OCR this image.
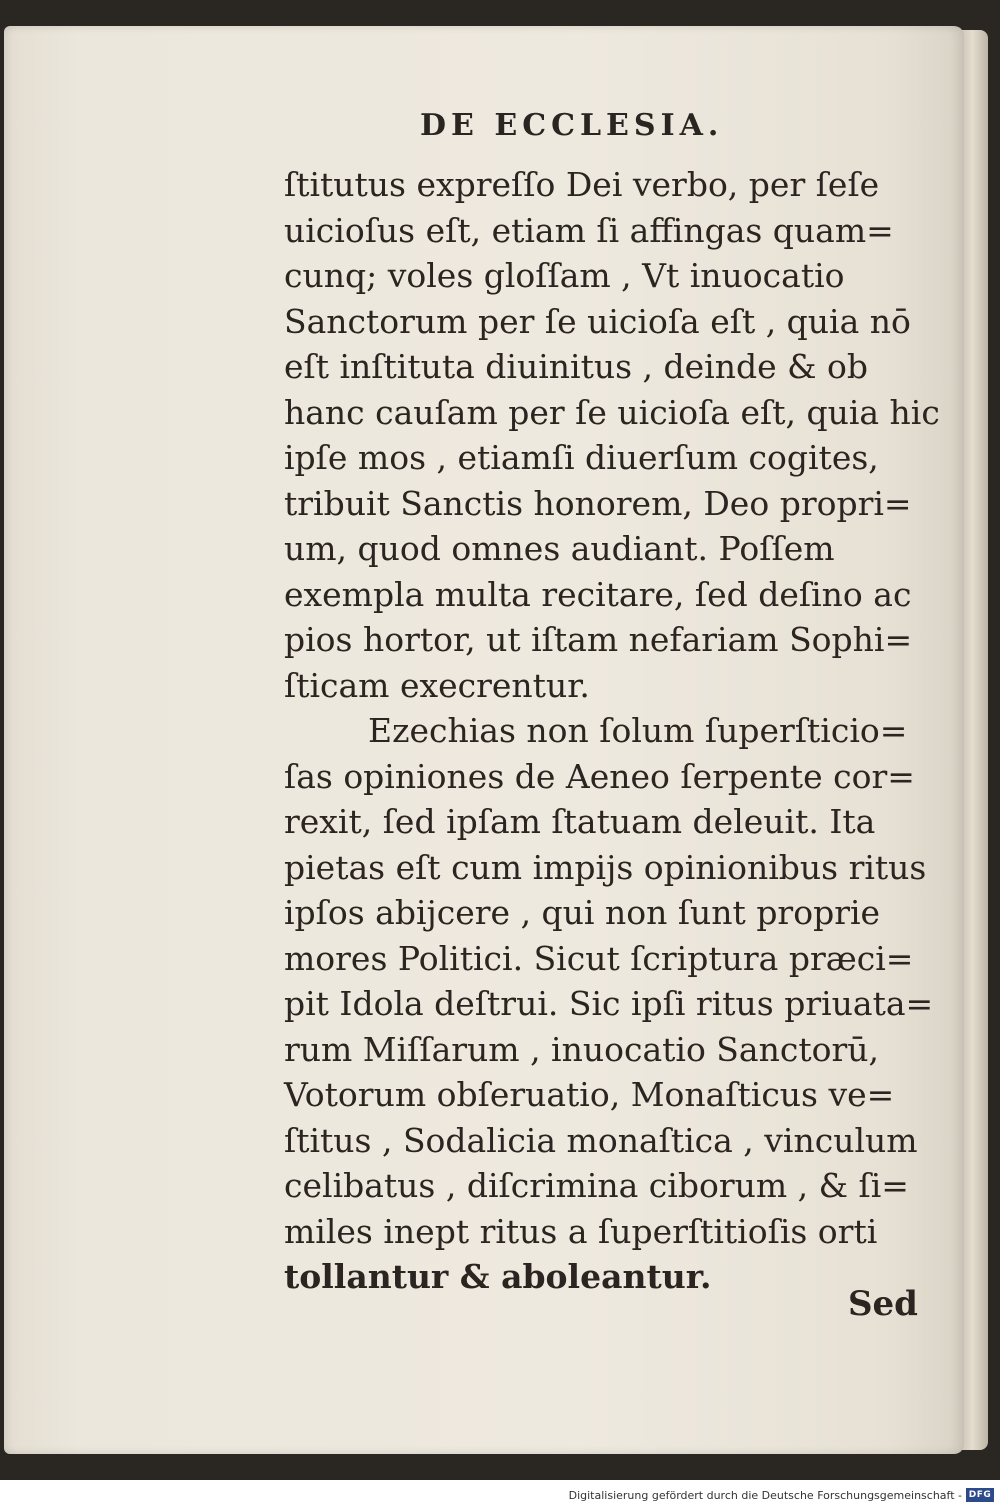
DE ECCLESIA.
ſtitutus expreſſo Dei verbo, per ſeſe
uicioſus eſt, etiam ſi affingas quam=
cunq; voles gloſſam , Vt inuocatio
Sanctorum per ſe uicioſa eſt , quia nō
eſt inſtituta diuinitus , deinde & ob
hanc cauſam per ſe uicioſa eſt, quia hic
ipſe mos , etiamſi diuerſum cogites,
tribuit Sanctis honorem, Deo propri=
um, quod omnes audiant. Poſſem
exempla multa recitare, ſed deſino ac
pios hortor, ut iſtam nefariam Sophi=
ſticam execrentur.
Ezechias non ſolum ſuperſticio=
ſas opiniones de Aeneo ſerpente cor=
rexit, ſed ipſam ſtatuam deleuit. Ita
pietas eſt cum impijs opinionibus ritus
ipſos abijcere , qui non ſunt proprie
mores Politici. Sicut ſcriptura præci=
pit Idola deſtrui. Sic ipſi ritus priuata=
rum Miſſarum , inuocatio Sanctorū,
Votorum obſeruatio, Monaſticus ve=
ſtitus , Sodalicia monaſtica , vinculum
celibatus , diſcrimina ciborum , & ſi=
miles inept ritus a ſuperſtitioſis orti
tollantur & aboleantur.
Sed
Digitalisierung gefördert durch die Deutsche Forschungsgemeinschaft - DFG
